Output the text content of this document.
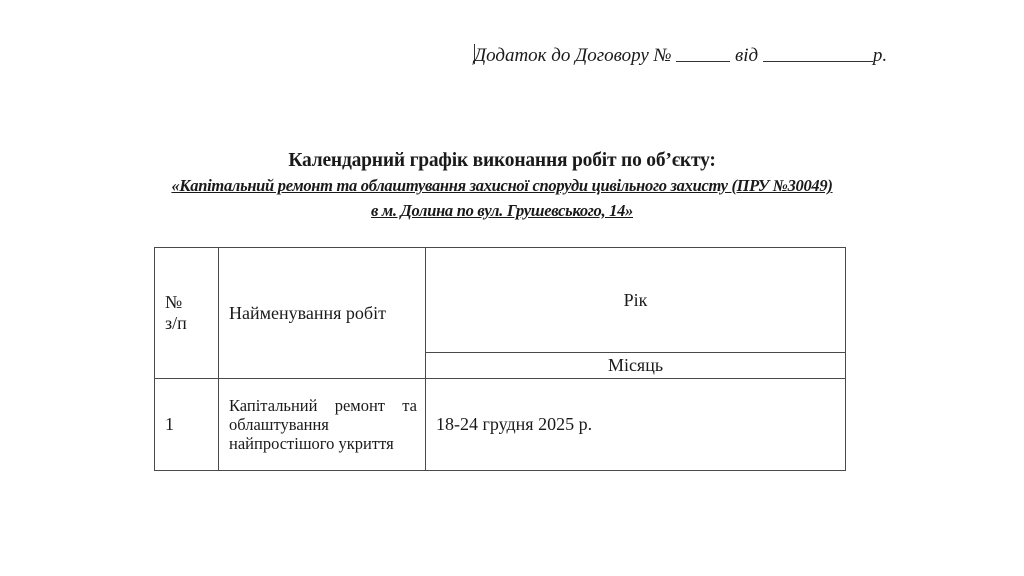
Додаток до Договору №	від	р.
Календарний графік виконання робіт по об’єкту:
«Капітальний ремонт та облаштування захисної споруди цивільного захисту (ПРУ №30049)
в м. Долина по вул. Грушевського, 14»
№
з/п	Найменування робіт	Рік
		Місяць
1	Капітальний ремонт та облаштування найпростішого укриття	18-24 грудня 2025 р.
